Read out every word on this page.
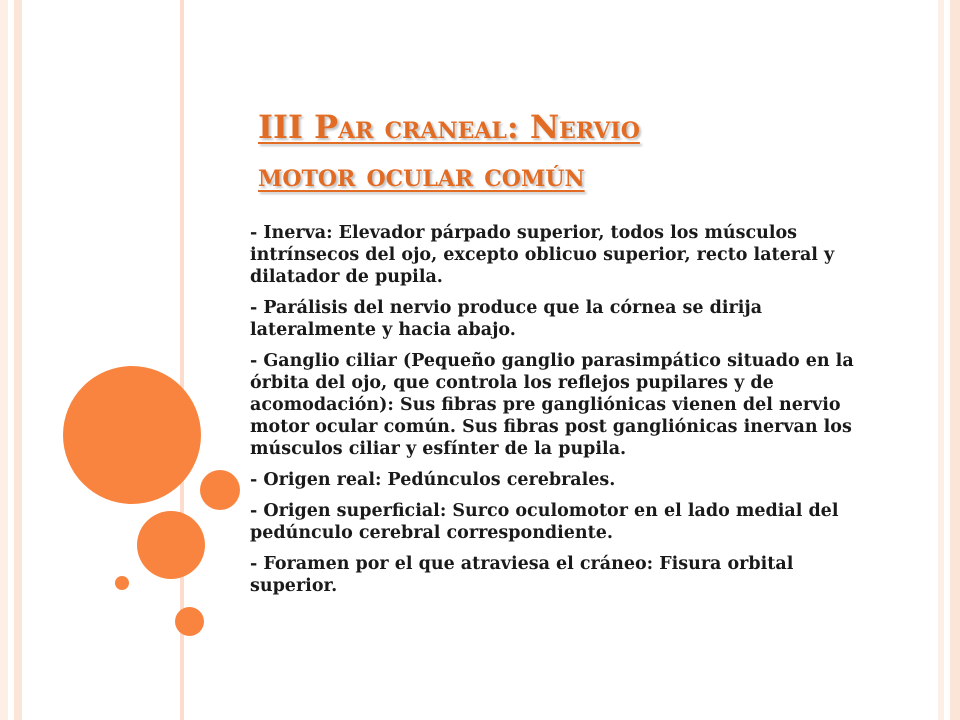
III Par craneal: Nervio
motor ocular común
- Inerva: Elevador párpado superior, todos los músculos intrínsecos del ojo, excepto oblicuo superior, recto lateral y dilatador de pupila.
- Parálisis del nervio produce que la córnea se dirija lateralmente y hacia abajo.
- Ganglio ciliar (Pequeño ganglio parasimpático situado en la órbita del ojo, que controla los reflejos pupilares y de acomodación): Sus fibras pre gangliónicas vienen del nervio motor ocular común. Sus fibras post gangliónicas inervan los músculos ciliar y esfínter de la pupila.
- Origen real: Pedúnculos cerebrales.
- Origen superficial: Surco oculomotor en el lado medial del pedúnculo cerebral correspondiente.
- Foramen por el que atraviesa el cráneo: Fisura orbital superior.
